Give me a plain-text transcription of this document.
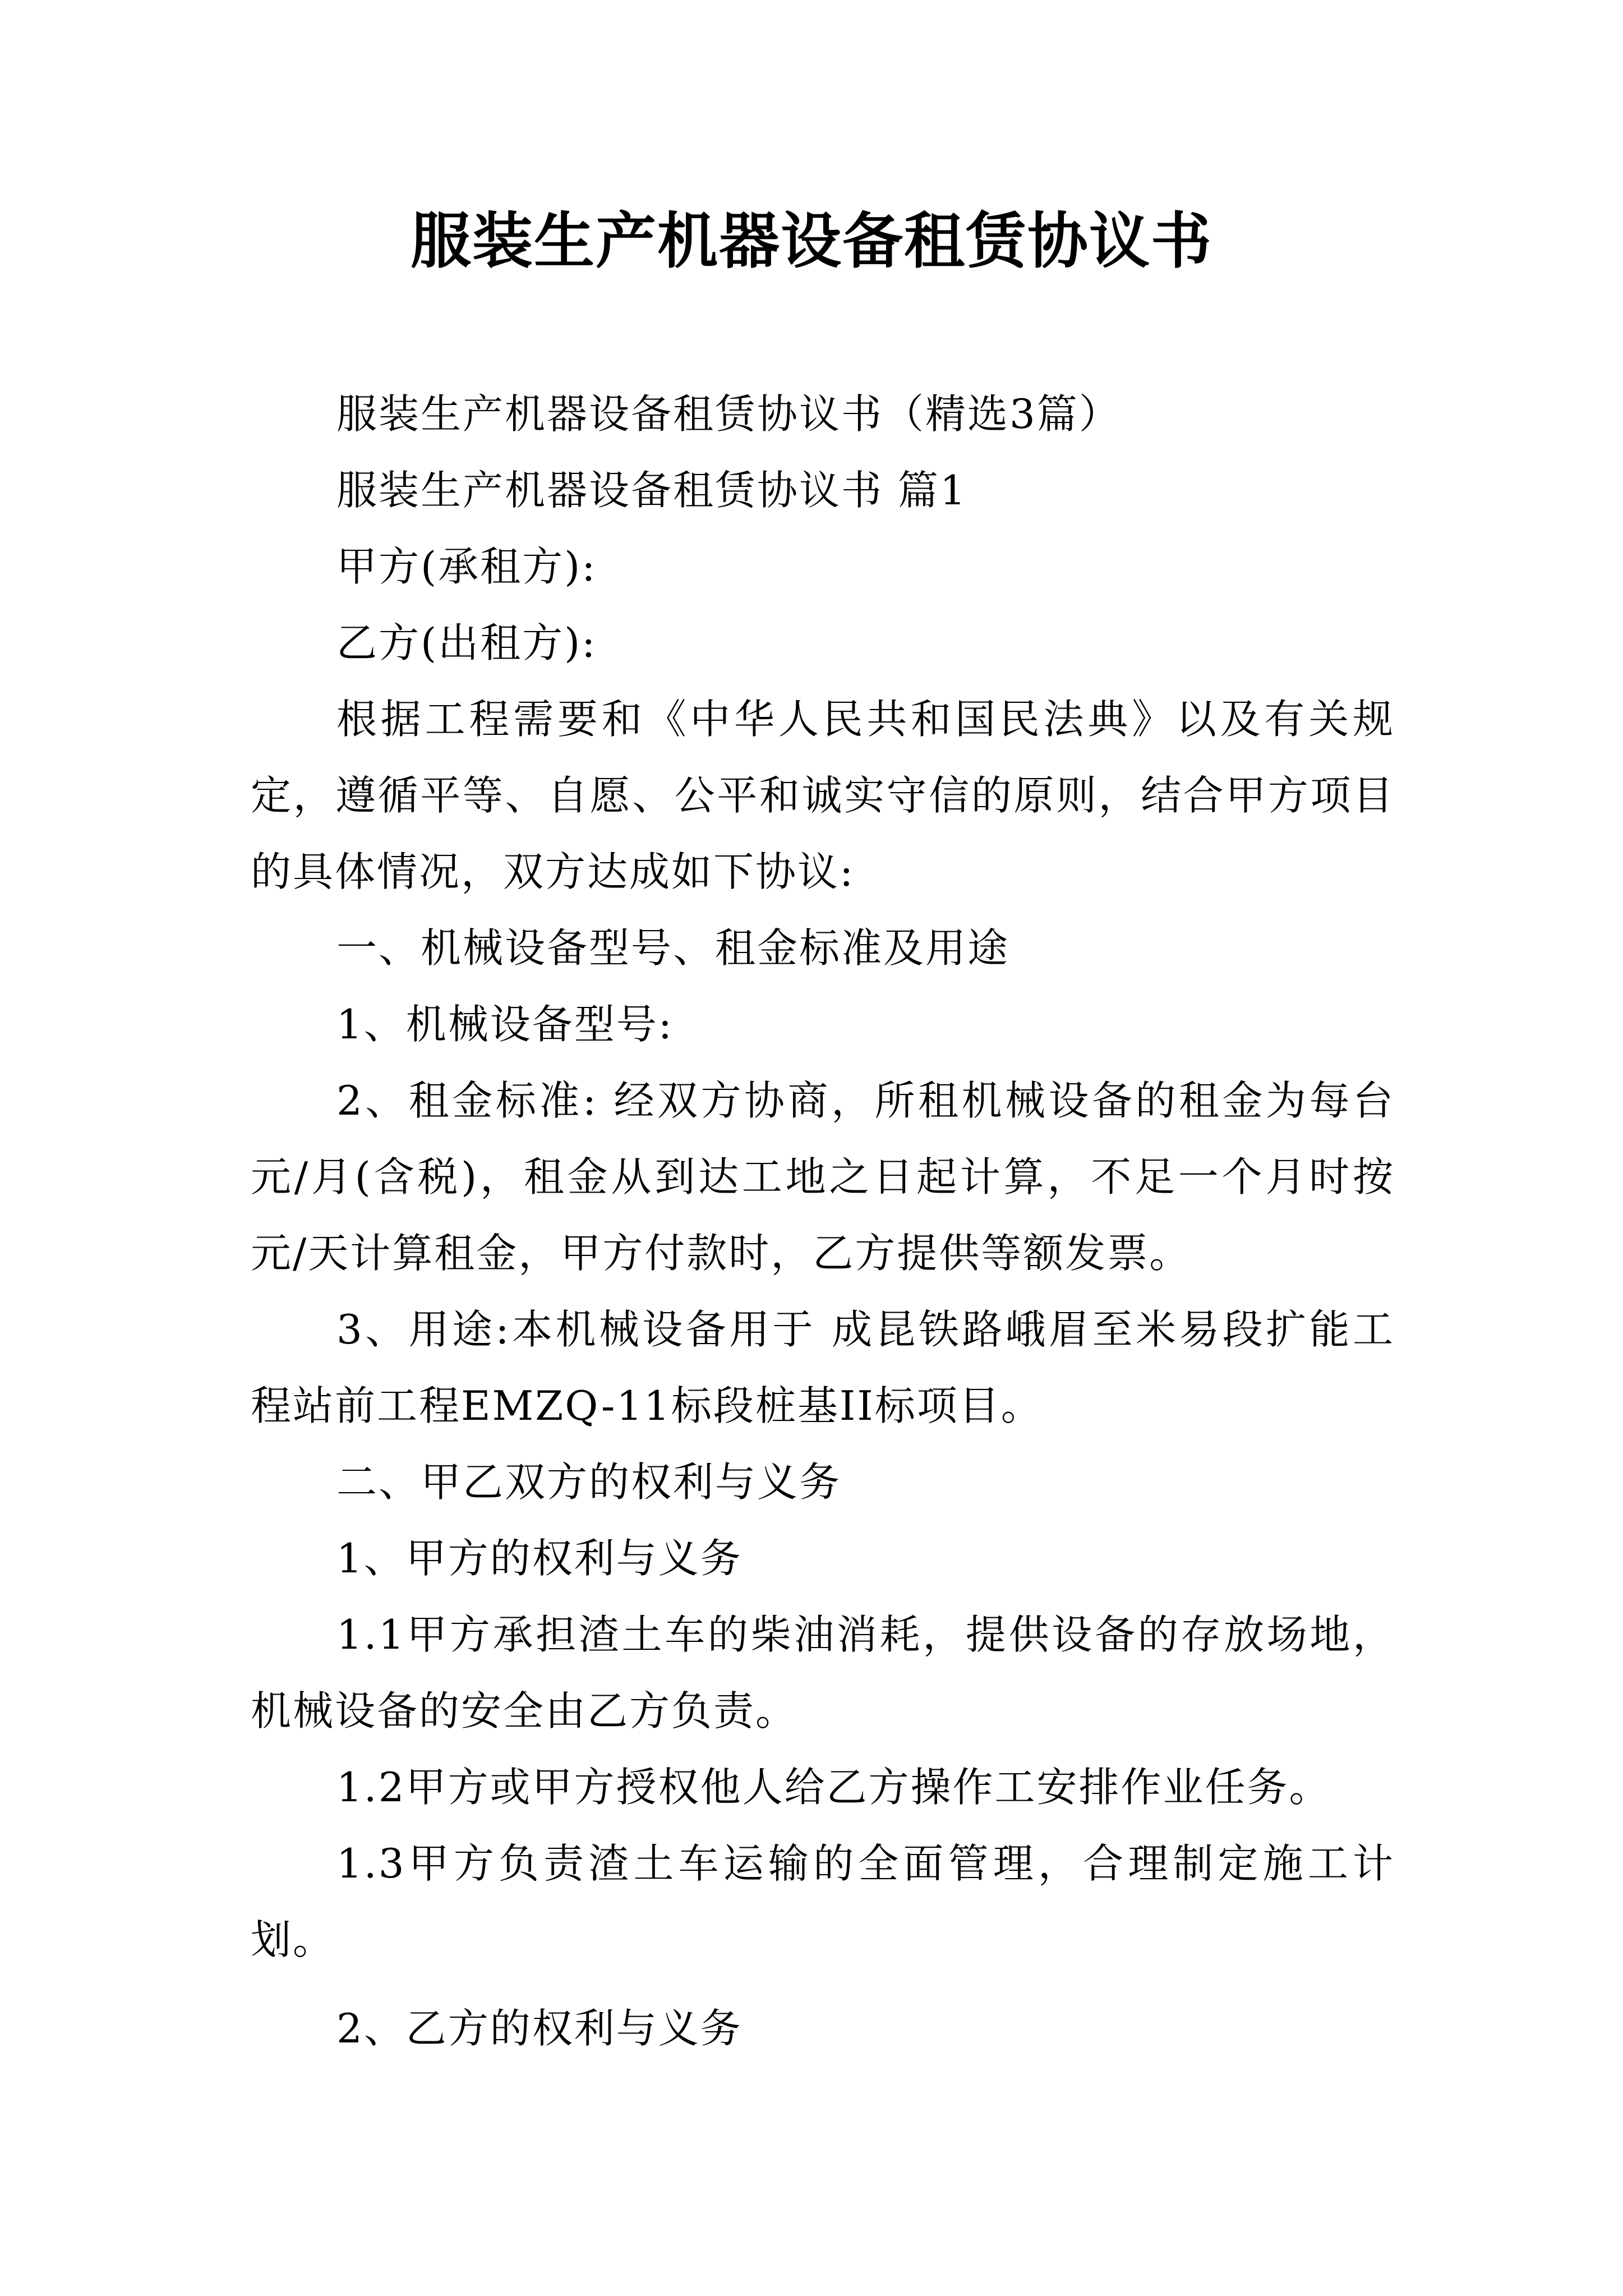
服装生产机器设备租赁协议书

服装生产机器设备租赁协议书（精选3篇）

服装生产机器设备租赁协议书 篇1

甲方(承租方):

乙方(出租方):

根据工程需要和《中华人民共和国民法典》以及有关规定，遵循平等、自愿、公平和诚实守信的原则，结合甲方项目的具体情况，双方达成如下协议:

一、机械设备型号、租金标准及用途

1、机械设备型号:

2、租金标准: 经双方协商，所租机械设备的租金为每台 元/月(含税)，租金从到达工地之日起计算，不足一个月时按 元/天计算租金，甲方付款时，乙方提供等额发票。

3、用途:本机械设备用于 成昆铁路峨眉至米易段扩能工程站前工程EMZQ-11标段桩基II标项目。

二、甲乙双方的权利与义务

1、甲方的权利与义务

1.1甲方承担渣土车的柴油消耗，提供设备的存放场地，机械设备的安全由乙方负责。

1.2甲方或甲方授权他人给乙方操作工安排作业任务。

1.3甲方负责渣土车运输的全面管理，合理制定施工计划。

2、乙方的权利与义务
